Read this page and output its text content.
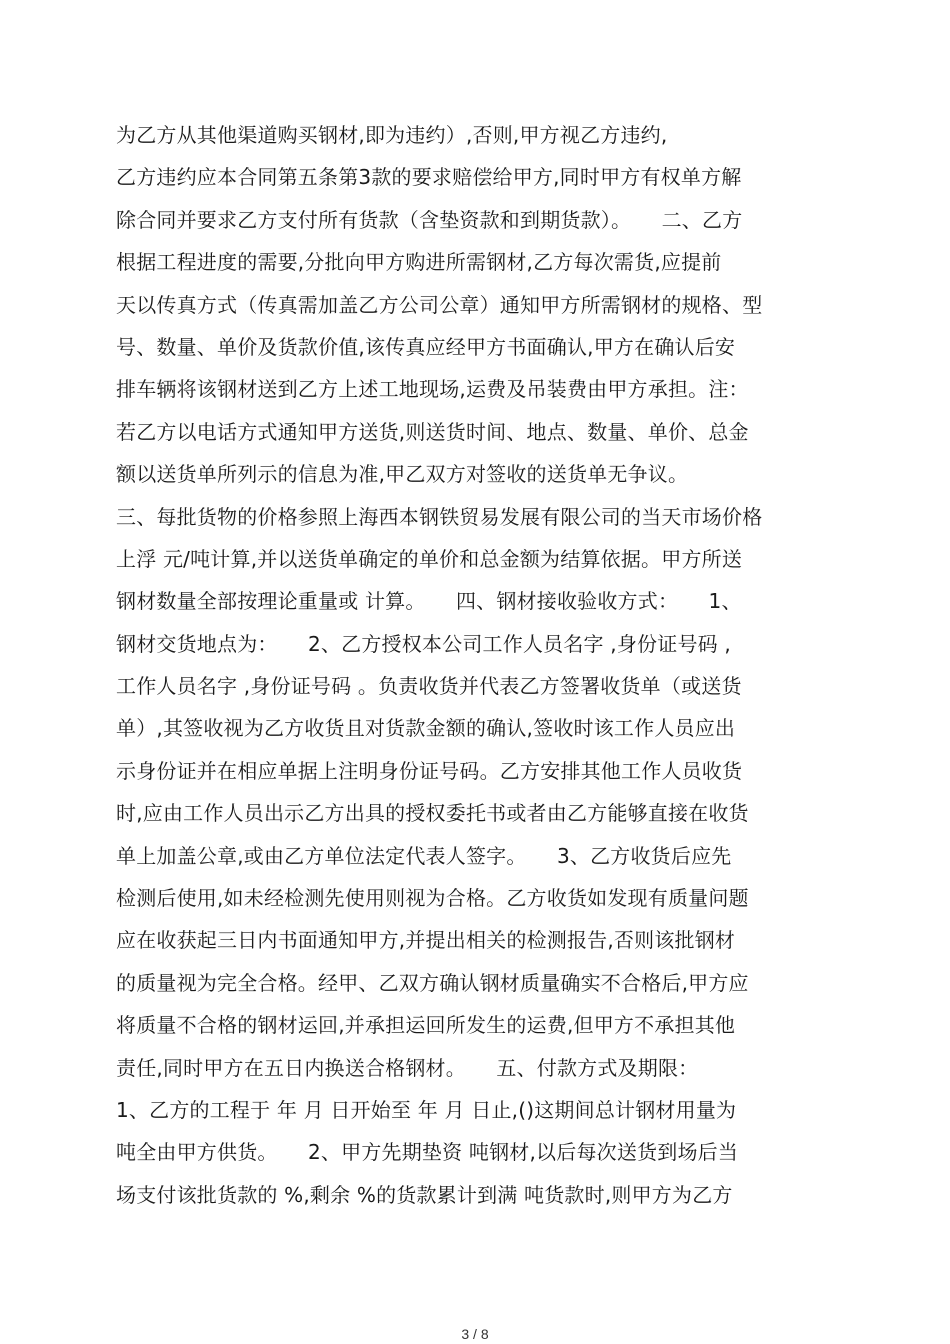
为乙方从其他渠道购买钢材,即为违约）,否则,甲方视乙方违约,
乙方违约应本合同第五条第3款的要求赔偿给甲方,同时甲方有权单方解
除合同并要求乙方支付所有货款（含垫资款和到期货款）。　　二、乙方
根据工程进度的需要,分批向甲方购进所需钢材,乙方每次需货,应提前
天以传真方式（传真需加盖乙方公司公章）通知甲方所需钢材的规格、型
号、数量、单价及货款价值,该传真应经甲方书面确认,甲方在确认后安
排车辆将该钢材送到乙方上述工地现场,运费及吊装费由甲方承担。注：
若乙方以电话方式通知甲方送货,则送货时间、地点、数量、单价、总金
额以送货单所列示的信息为准,甲乙双方对签收的送货单无争议。
三、每批货物的价格参照上海西本钢铁贸易发展有限公司的当天市场价格
上浮 元/吨计算,并以送货单确定的单价和总金额为结算依据。甲方所送
钢材数量全部按理论重量或 计算。　　四、钢材接收验收方式：　　1、
钢材交货地点为：　　2、乙方授权本公司工作人员名字 ,身份证号码 ,
工作人员名字 ,身份证号码 。负责收货并代表乙方签署收货单（或送货
单）,其签收视为乙方收货且对货款金额的确认,签收时该工作人员应出
示身份证并在相应单据上注明身份证号码。乙方安排其他工作人员收货
时,应由工作人员出示乙方出具的授权委托书或者由乙方能够直接在收货
单上加盖公章,或由乙方单位法定代表人签字。　　3、乙方收货后应先
检测后使用,如未经检测先使用则视为合格。乙方收货如发现有质量问题
应在收获起三日内书面通知甲方,并提出相关的检测报告,否则该批钢材
的质量视为完全合格。经甲、乙双方确认钢材质量确实不合格后,甲方应
将质量不合格的钢材运回,并承担运回所发生的运费,但甲方不承担其他
责任,同时甲方在五日内换送合格钢材。　　五、付款方式及期限：
1、乙方的工程于 年 月 日开始至 年 月 日止,()这期间总计钢材用量为
吨全由甲方供货。　　2、甲方先期垫资 吨钢材,以后每次送货到场后当
场支付该批货款的 %,剩余 %的货款累计到满 吨货款时,则甲方为乙方
3 / 8
